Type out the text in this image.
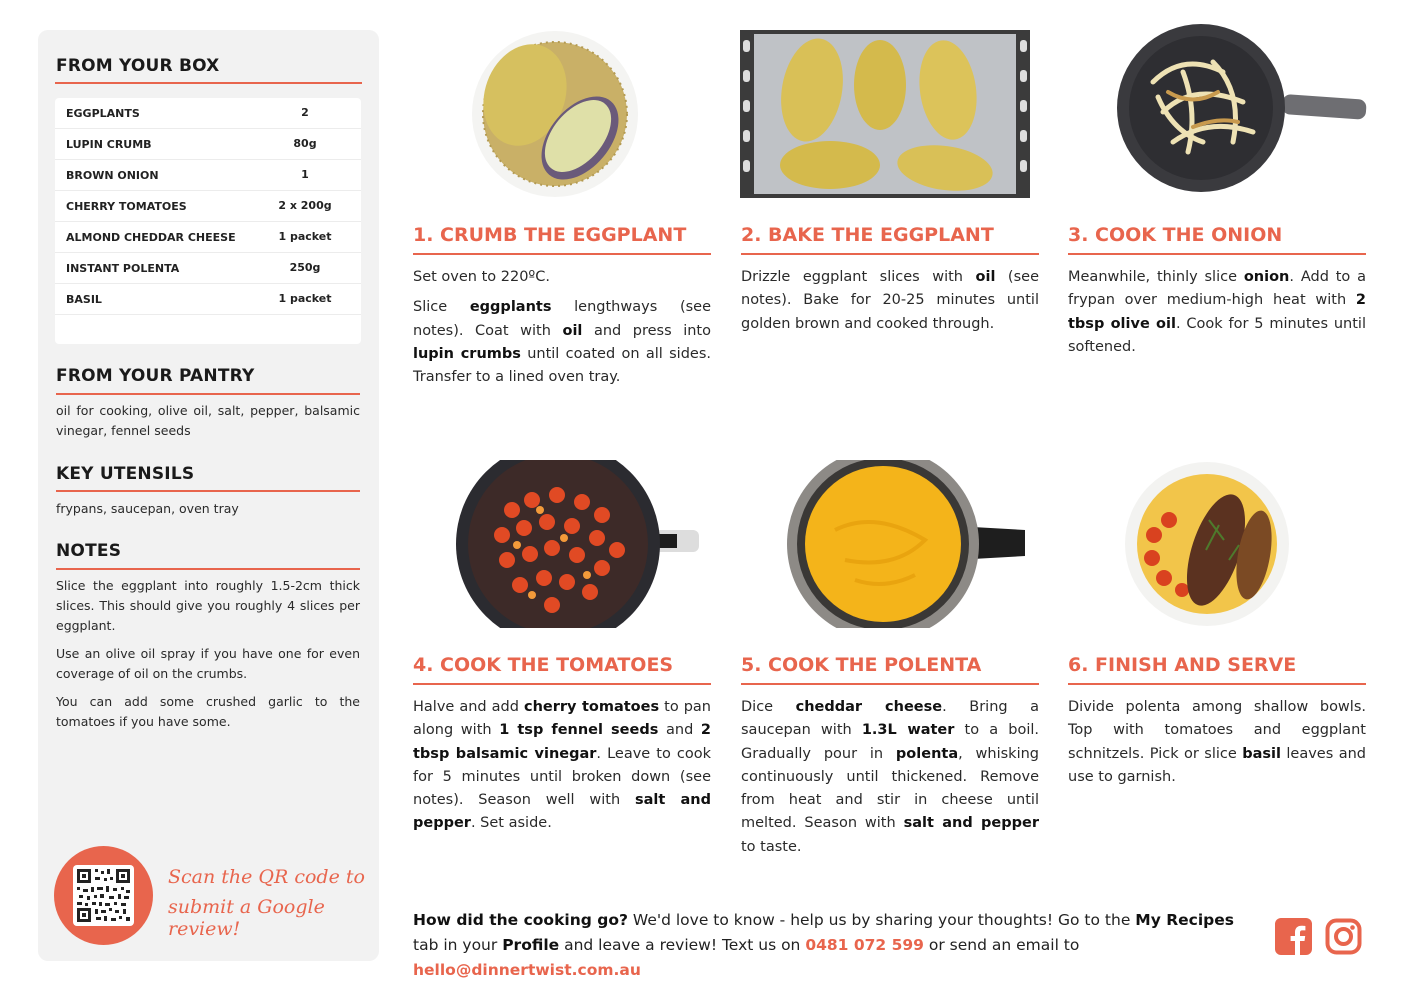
FROM YOUR BOX
EGGPLANTS	2
LUPIN CRUMB	80g
BROWN ONION	1
CHERRY TOMATOES	2 x 200g
ALMOND CHEDDAR CHEESE	1 packet
INSTANT POLENTA	250g
BASIL	1 packet
FROM YOUR PANTRY
oil for cooking, olive oil, salt, pepper, balsamic vinegar, fennel seeds
KEY UTENSILS
frypans, saucepan, oven tray
NOTES
Slice the eggplant into roughly 1.5-2cm thick slices. This should give you roughly 4 slices per eggplant.
Use an olive oil spray if you have one for even coverage of oil on the crumbs.
You can add some crushed garlic to the tomatoes if you have some.
Scan the QR code to
submit a Google review!
1. CRUMB THE EGGPLANT

Set oven to 220ºC.

Slice eggplants lengthways (see notes). Coat with oil and press into lupin crumbs until coated on all sides. Transfer to a lined oven tray.

2. BAKE THE EGGPLANT

Drizzle eggplant slices with oil (see notes). Bake for 20-25 minutes until golden brown and cooked through.

3. COOK THE ONION

Meanwhile, thinly slice onion. Add to a frypan over medium-high heat with 2 tbsp olive oil. Cook for 5 minutes until softened.

4. COOK THE TOMATOES

Halve and add cherry tomatoes to pan along with 1 tsp fennel seeds and 2 tbsp balsamic vinegar. Leave to cook for 5 minutes until broken down (see notes). Season well with salt and pepper. Set aside.

5. COOK THE POLENTA

Dice cheddar cheese. Bring a saucepan with 1.3L water to a boil. Gradually pour in polenta, whisking continuously until thickened. Remove from heat and stir in cheese until melted. Season with salt and pepper to taste.

6. FINISH AND SERVE

Divide polenta among shallow bowls. Top with tomatoes and eggplant schnitzels. Pick or slice basil leaves and use to garnish.

How did the cooking go? We'd love to know - help us by sharing your thoughts! Go to the My Recipes tab in your Profile and leave a review! Text us on 0481 072 599 or send an email to hello@dinnertwist.com.au
